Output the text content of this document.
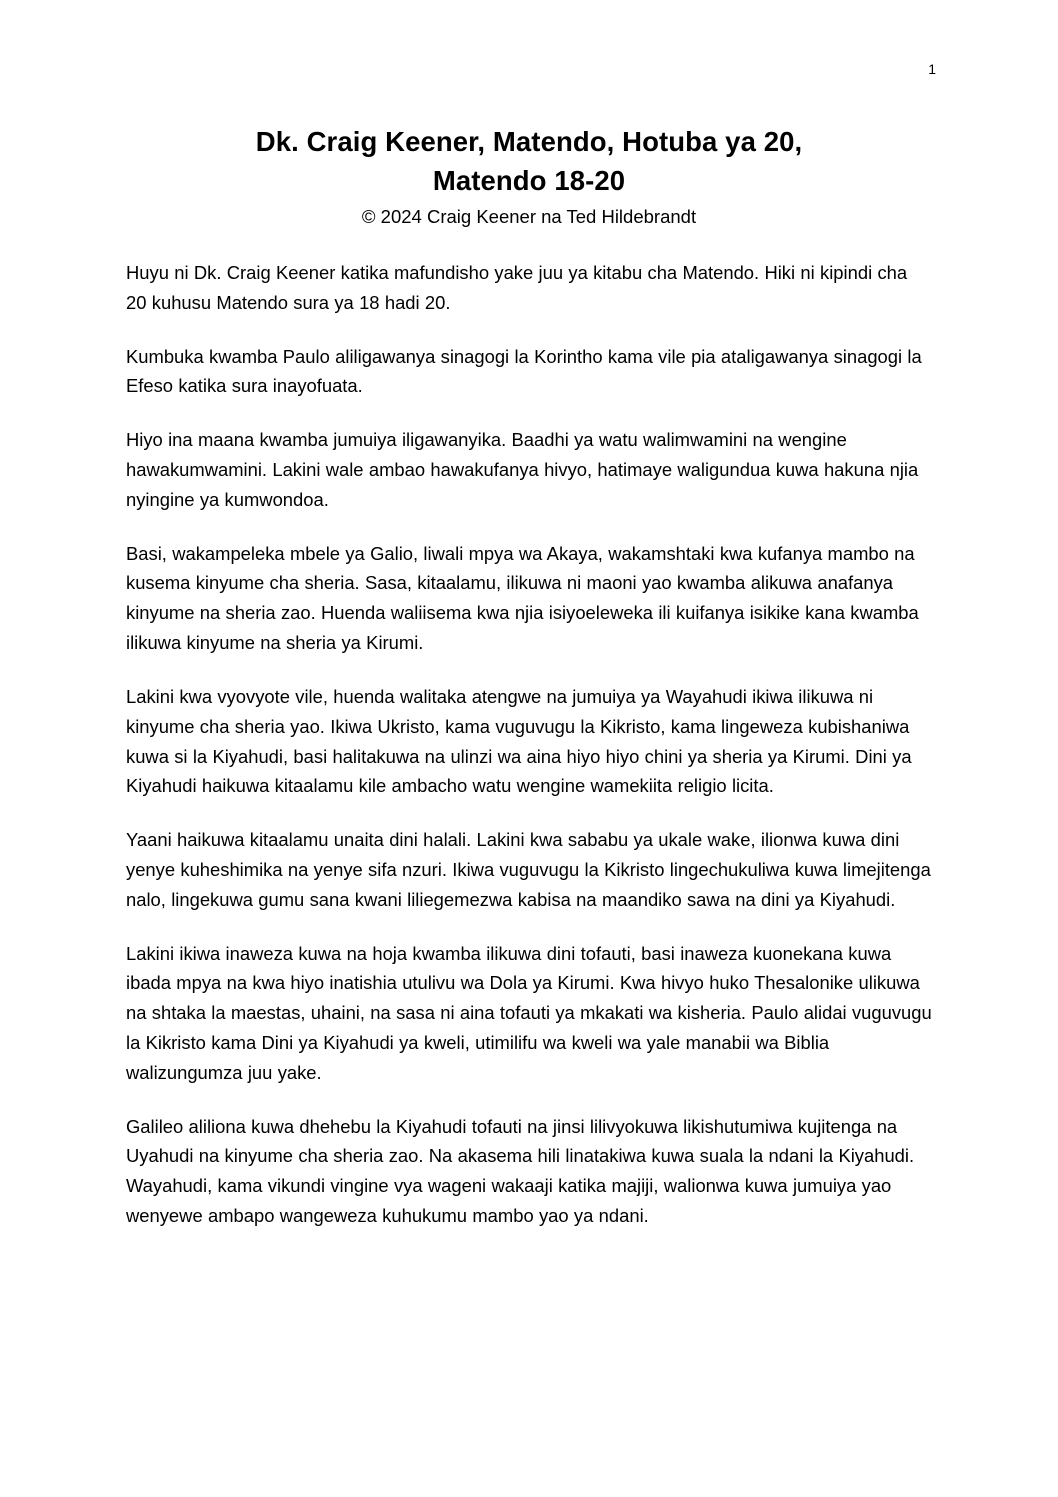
1
Dk. Craig Keener, Matendo, Hotuba ya 20,
Matendo 18-20

© 2024 Craig Keener na Ted Hildebrandt

Huyu ni Dk. Craig Keener katika mafundisho yake juu ya kitabu cha Matendo. Hiki ni kipindi cha 20 kuhusu Matendo sura ya 18 hadi 20.

Kumbuka kwamba Paulo aliligawanya sinagogi la Korintho kama vile pia ataligawanya sinagogi la Efeso katika sura inayofuata.

Hiyo ina maana kwamba jumuiya iligawanyika. Baadhi ya watu walimwamini na wengine hawakumwamini. Lakini wale ambao hawakufanya hivyo, hatimaye waligundua kuwa hakuna njia nyingine ya kumwondoa.

Basi, wakampeleka mbele ya Galio, liwali mpya wa Akaya, wakamshtaki kwa kufanya mambo na kusema kinyume cha sheria. Sasa, kitaalamu, ilikuwa ni maoni yao kwamba alikuwa anafanya kinyume na sheria zao. Huenda waliisema kwa njia isiyoeleweka ili kuifanya isikike kana kwamba ilikuwa kinyume na sheria ya Kirumi.

Lakini kwa vyovyote vile, huenda walitaka atengwe na jumuiya ya Wayahudi ikiwa ilikuwa ni kinyume cha sheria yao. Ikiwa Ukristo, kama vuguvugu la Kikristo, kama lingeweza kubishaniwa kuwa si la Kiyahudi, basi halitakuwa na ulinzi wa aina hiyo hiyo chini ya sheria ya Kirumi. Dini ya Kiyahudi haikuwa kitaalamu kile ambacho watu wengine wamekiita religio licita.

Yaani haikuwa kitaalamu unaita dini halali. Lakini kwa sababu ya ukale wake, ilionwa kuwa dini yenye kuheshimika na yenye sifa nzuri. Ikiwa vuguvugu la Kikristo lingechukuliwa kuwa limejitenga nalo, lingekuwa gumu sana kwani liliegemezwa kabisa na maandiko sawa na dini ya Kiyahudi.

Lakini ikiwa inaweza kuwa na hoja kwamba ilikuwa dini tofauti, basi inaweza kuonekana kuwa ibada mpya na kwa hiyo inatishia utulivu wa Dola ya Kirumi. Kwa hivyo huko Thesalonike ulikuwa na shtaka la maestas, uhaini, na sasa ni aina tofauti ya mkakati wa kisheria. Paulo alidai vuguvugu la Kikristo kama Dini ya Kiyahudi ya kweli, utimilifu wa kweli wa yale manabii wa Biblia walizungumza juu yake.

Galileo aliliona kuwa dhehebu la Kiyahudi tofauti na jinsi lilivyokuwa likishutumiwa kujitenga na Uyahudi na kinyume cha sheria zao. Na akasema hili linatakiwa kuwa suala la ndani la Kiyahudi. Wayahudi, kama vikundi vingine vya wageni wakaaji katika majiji, walionwa kuwa jumuiya yao wenyewe ambapo wangeweza kuhukumu mambo yao ya ndani.
